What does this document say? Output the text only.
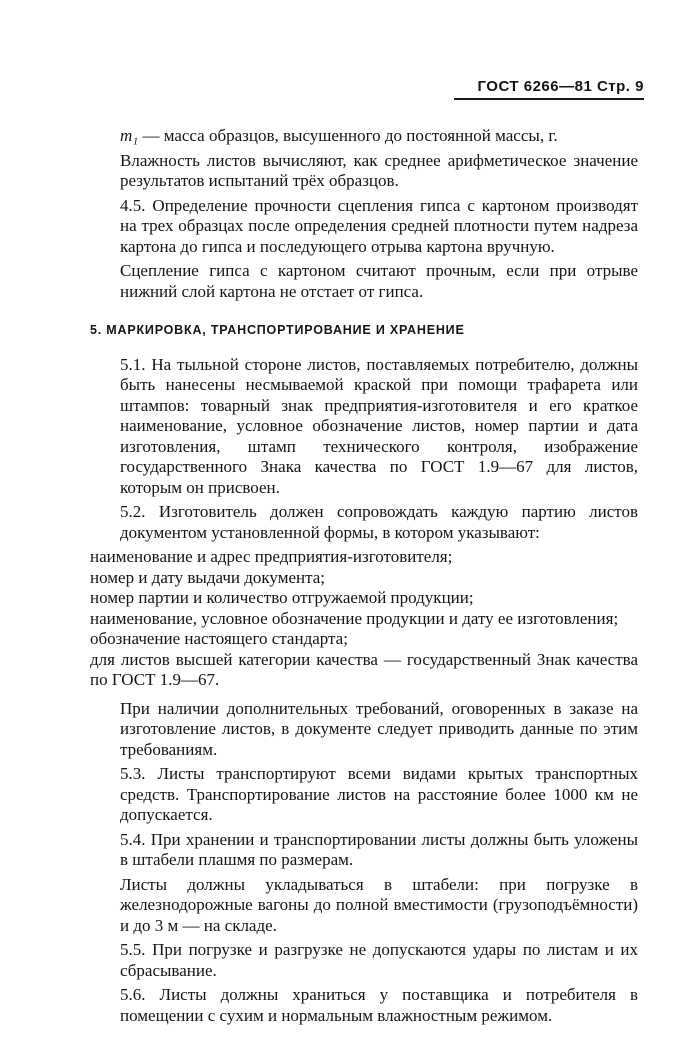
ГОСТ 6266—81 Стр. 9

m₁ — масса образцов, высушенного до постоянной массы, г.

Влажность листов вычисляют, как среднее арифметическое значение результатов испытаний трёх образцов.

4.5. Определение прочности сцепления гипса с картоном производят на трех образцах после определения средней плотности путем надреза картона до гипса и последующего отрыва картона вручную.

Сцепление гипса с картоном считают прочным, если при отрыве нижний слой картона не отстает от гипса.

5. МАРКИРОВКА, ТРАНСПОРТИРОВАНИЕ И ХРАНЕНИЕ

5.1. На тыльной стороне листов, поставляемых потребителю, должны быть нанесены несмываемой краской при помощи трафарета или штампов: товарный знак предприятия-изготовителя и его краткое наименование, условное обозначение листов, номер партии и дата изготовления, штамп технического контроля, изображение государственного Знака качества по ГОСТ 1.9—67 для листов, которым он присвоен.

5.2. Изготовитель должен сопровождать каждую партию листов документом установленной формы, в котором указывают:

наименование и адрес предприятия-изготовителя;

номер и дату выдачи документа;

номер партии и количество отгружаемой продукции;

наименование, условное обозначение продукции и дату ее изготовления;

обозначение настоящего стандарта;

для листов высшей категории качества — государственный Знак качества по ГОСТ 1.9—67.

При наличии дополнительных требований, оговоренных в заказе на изготовление листов, в документе следует приводить данные по этим требованиям.

5.3. Листы транспортируют всеми видами крытых транспортных средств. Транспортирование листов на расстояние более 1000 км не допускается.

5.4. При хранении и транспортировании листы должны быть уложены в штабели плашмя по размерам.

Листы должны укладываться в штабели: при погрузке в железнодорожные вагоны до полной вместимости (грузоподъёмности) и до 3 м — на складе.

5.5. При погрузке и разгрузке не допускаются удары по листам и их сбрасывание.

5.6. Листы должны храниться у поставщика и потребителя в помещении с сухим и нормальным влажностным режимом.
